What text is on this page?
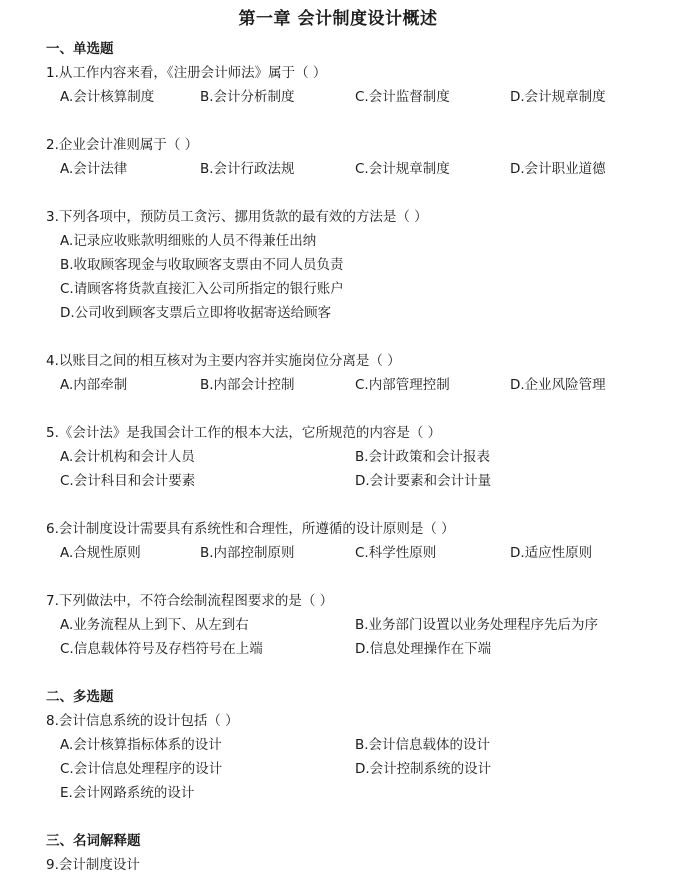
第一章 会计制度设计概述
一、单选题
1.从工作内容来看，《注册会计师法》属于（ ）
A.会计核算制度	B.会计分析制度	C.会计监督制度	D.会计规章制度
2.企业会计准则属于（ ）
A.会计法律	B.会计行政法规	C.会计规章制度	D.会计职业道德
3.下列各项中，预防员工贪污、挪用货款的最有效的方法是（ ）
A.记录应收账款明细账的人员不得兼任出纳
B.收取顾客现金与收取顾客支票由不同人员负责
C.请顾客将货款直接汇入公司所指定的银行账户
D.公司收到顾客支票后立即将收据寄送给顾客
4.以账目之间的相互核对为主要内容并实施岗位分离是（ ）
A.内部牵制	B.内部会计控制	C.内部管理控制	D.企业风险管理
5.《会计法》是我国会计工作的根本大法，它所规范的内容是（ ）
A.会计机构和会计人员	B.会计政策和会计报表
C.会计科目和会计要素	D.会计要素和会计计量
6.会计制度设计需要具有系统性和合理性，所遵循的设计原则是（ ）
A.合规性原则	B.内部控制原则	C.科学性原则	D.适应性原则
7.下列做法中，不符合绘制流程图要求的是（ ）
A.业务流程从上到下、从左到右	B.业务部门设置以业务处理程序先后为序
C.信息载体符号及存档符号在上端	D.信息处理操作在下端
二、多选题
8.会计信息系统的设计包括（ ）
A.会计核算指标体系的设计	B.会计信息载体的设计
C.会计信息处理程序的设计	D.会计控制系统的设计
E.会计网路系统的设计
三、名词解释题
9.会计制度设计
